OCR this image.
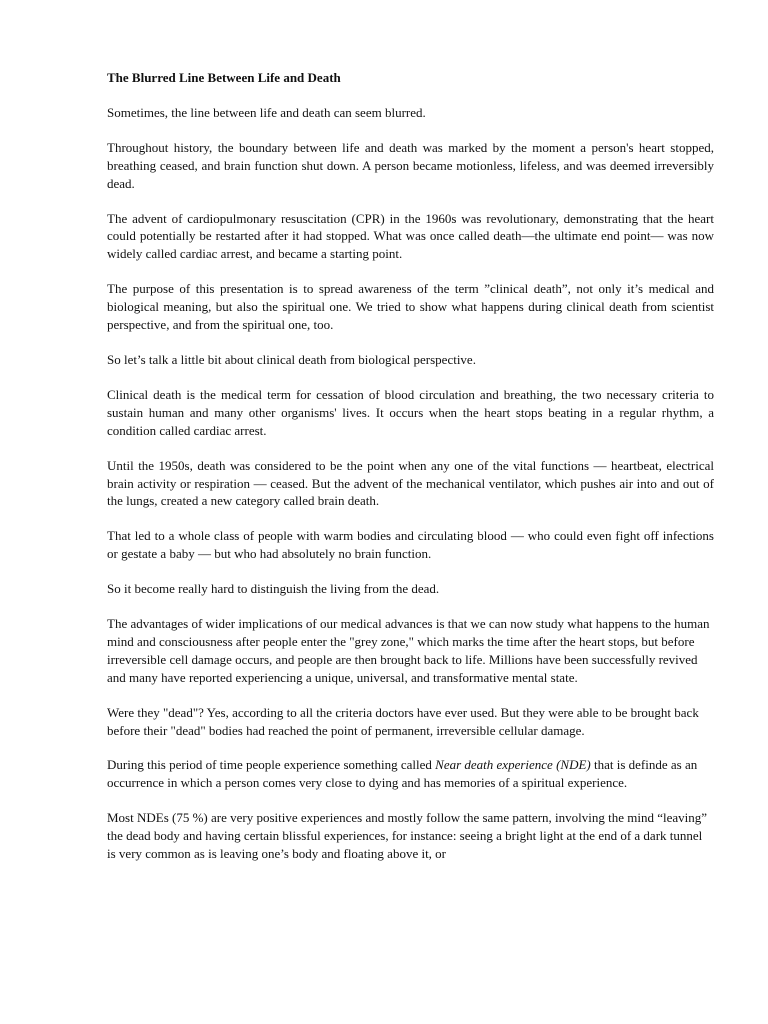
The Blurred Line Between Life and Death

Sometimes, the line between life and death can seem blurred.

Throughout history, the boundary between life and death was marked by the moment a person's heart stopped, breathing ceased, and brain function shut down. A person became motionless, lifeless, and was deemed irreversibly dead.

The advent of cardiopulmonary resuscitation (CPR) in the 1960s was revolutionary, demonstrating that the heart could potentially be restarted after it had stopped. What was once called death—the ultimate end point— was now widely called cardiac arrest, and became a starting point.

The purpose of this presentation is to spread awareness of the term ”clinical death”, not only it’s medical and biological meaning, but also the spiritual one. We tried to show what happens during clinical death from scientist perspective, and from the spiritual one, too.

So let’s talk a little bit about clinical death from biological perspective.

Clinical death is the medical term for cessation of blood circulation and breathing, the two necessary criteria to sustain human and many other organisms' lives. It occurs when the heart stops beating in a regular rhythm, a condition called cardiac arrest.

Until the 1950s, death was considered to be the point when any one of the vital functions — heartbeat, electrical brain activity or respiration — ceased. But the advent of the mechanical ventilator, which pushes air into and out of the lungs, created a new category called brain death.

That led to a whole class of people with warm bodies and circulating blood — who could even fight off infections or gestate a baby — but who had absolutely no brain function.

So it become really hard to distinguish the living from the dead.

The advantages of wider implications of our medical advances is that we can now study what happens to the human mind and consciousness after people enter the "grey zone," which marks the time after the heart stops, but before irreversible cell damage occurs, and people are then brought back to life. Millions have been successfully revived and many have reported experiencing a unique, universal, and transformative mental state.

Were they "dead"? Yes, according to all the criteria doctors have ever used. But they were able to be brought back before their "dead" bodies had reached the point of permanent, irreversible cellular damage.

During this period of time people experience something called Near death experience (NDE) that is definde as an occurrence in which a person comes very close to dying and has memories of a spiritual experience.

Most NDEs (75 %) are very positive experiences and mostly follow the same pattern, involving the mind “leaving” the dead body and having certain blissful experiences, for instance: seeing a bright light at the end of a dark tunnel is very common as is leaving one’s body and floating above it, or
